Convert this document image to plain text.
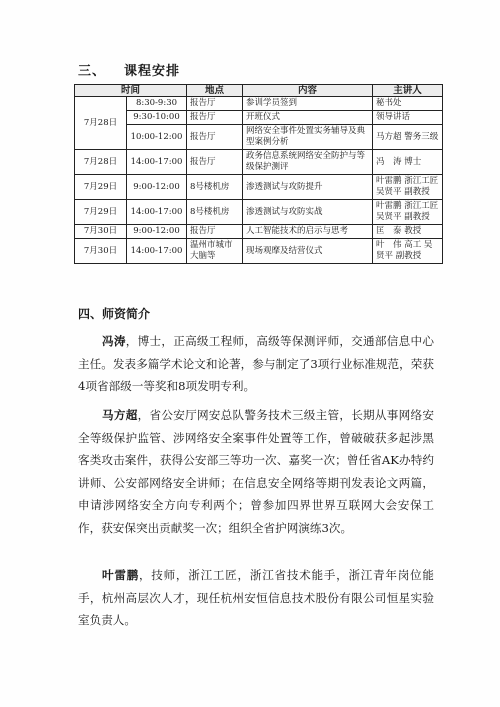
三、 课程安排
时间		地点	内容	主讲人
7月28日	8:30-9:30	报告厅	参训学员签到	秘书处
	9:30-10:00	报告厅	开班仪式	领导讲话
	10:00-12:00	报告厅	网络安全事件处置实务辅导及典型案例分析	马方超 警务三级
7月28日	14:00-17:00	报告厅	政务信息系统网络安全防护与等级保护测评	冯　涛 博士
7月29日	9:00-12:00	8号楼机房	渗透测试与攻防提升	叶雷鹏 浙江工匠 吴贤平 副教授
7月29日	14:00-17:00	8号楼机房	渗透测试与攻防实战	叶雷鹏 浙江工匠 吴贤平 副教授
7月30日	9:00-12:00	报告厅	人工智能技术的启示与思考	匡　泰 教授
7月30日	14:00-17:00	温州市城市大脑等	现场观摩及结营仪式	叶　伟 高工 吴贤平 副教授
四、师资简介

冯涛，博士，正高级工程师，高级等保测评师，交通部信息中心主任。发表多篇学术论文和论著，参与制定了3项行业标准规范，荣获4项省部级一等奖和8项发明专利。

马方超，省公安厅网安总队警务技术三级主管，长期从事网络安全等级保护监管、涉网络安全案事件处置等工作，曾破破获多起涉黑客类攻击案件，获得公安部三等功一次、嘉奖一次；曾任省AK办特约讲师、公安部网络安全讲师；在信息安全网络等期刊发表论文两篇，申请涉网络安全方向专利两个；曾参加四界世界互联网大会安保工作，获安保突出贡献奖一次；组织全省护网演练3次。

叶雷鹏，技师，浙江工匠，浙江省技术能手，浙江青年岗位能手，杭州高层次人才，现任杭州安恒信息技术股份有限公司恒星实验室负责人。
